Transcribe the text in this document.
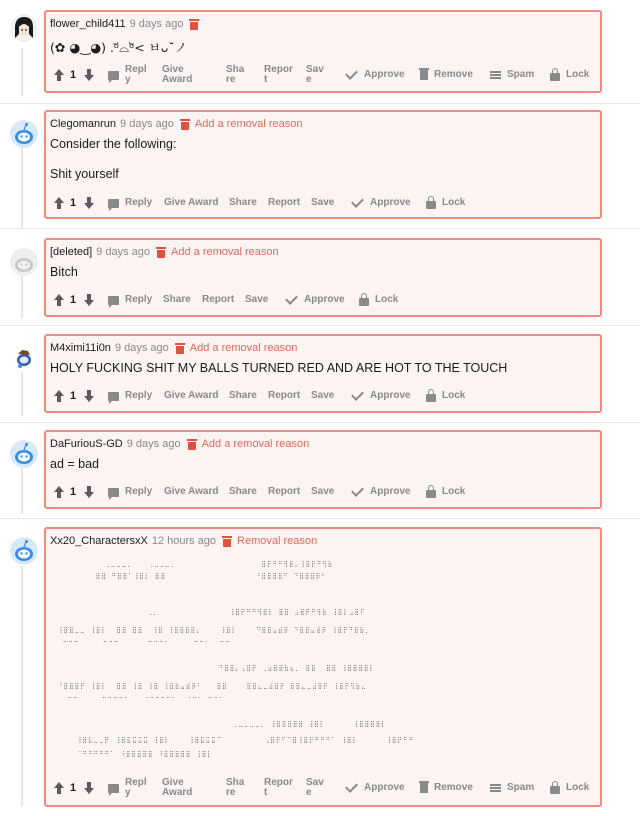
flower_child411 9 days ago
(✿ ◕‿◕) .ᵒ᷄⌓ᵒ᷅< ㅂᴗ˘ノ
1	Reply
Give Award
Share
Report
Save	Approve	Remove	Spam	Lock
Clegomanrun 9 days ago Add a removal reason
Consider the following:
Shit yourself
1	Reply Give Award Share Report Save	Approve	Lock
[deleted] 9 days ago Add a removal reason
Bitch
1	Reply Share Report Save	Approve	Lock
M4ximi11i0n 9 days ago Add a removal reason
HOLY FUCKING SHIT MY BALLS TURNED RED AND ARE HOT TO THE TOUCH
1	Reply Give Award Share Report Save	Approve	Lock
DaFuriouS-GD 9 days ago Add a removal reason
ad = bad
1	Reply Give Award Share Report Save	Approve	Lock
Xx20_CharactersxX 12 hours ago Removal reason
⢀⣀⣀⣀⡀⠀⠀ ⢀⣀⣀⣀⡀                  ⣿⡟⠛⠛⢻⣿⡄⢸⣿⡟⠛⢻⣷
⣿⣿ ⠛⣿⣿⠁⢸⣿⡇ ⣿⣿                   ⠘⣿⣿⣿⣿⠋ ⠙⣿⣿⣿⡿⠃
⢀⡀               ⢸⣿⡟⠛⠛⢻⣿⡇ ⣿⣿ ⣠⣿⡟⠛⢻⣷ ⢸⣿⡇⣠⣿⠏
⢸⣿⣿⣀⣀ ⢸⣿⡇  ⣿⣿ ⣿⣿  ⢸⣿ ⢸⣿⣿⣿⣿⡄    ⢸⣿⡇    ⠙⣿⣿⣤⣾⡿ ⠙⣿⣿⣤⣾⡿ ⢸⣿⡟⠙⣿⣷⡀
⠉⠉⠉     ⠉⠉⠉      ⠉⠉⠉⠁     ⠉⠉⠁  ⠉⠉
⠙⣿⣿⡄⢠⣿⡟ ⢀⣴⣿⣿⣷⣦⡀ ⣿⣿  ⣿⣿ ⢸⣿⣿⣿⣿⡇
⠘⣿⣿⣿⡟ ⢸⣿⡇  ⣿⣿ ⢸⣿ ⢸⣿ ⢸⣿⣷⣤⣾⡿⠃   ⣿⣿    ⣿⣿⣄⣀⣼⣿⡟ ⣿⣿⣄⣀⣼⣿⡟ ⢸⣿⡟⢻⣷⣄
⠉⠉     ⠉⠉⠉⠉⠁   ⠈⠉⠉⠉⠉⠁  ⠈⠉⠁ ⠉⠉⠁
⢀⣀⣀⣀⣀⡀ ⢸⣿⣿⣿⣿⣿ ⢸⣿⡇      ⢸⣿⣿⣿⣿⡇
⢸⣿⣧⣀⣀⡟⠀⢸⣿⣯⣭⣭⣭ ⢸⣿⡇    ⢸⣿⣯⣭⣭⠉         ⢠⣿⡟⠋⠉⣿⢸⣿⡟⠛⠛⠛⠁ ⢸⣿⡇      ⢸⣿⡟⠛⠛
⠈⠛⠛⠛⠛⠛⠁ ⠸⣿⣿⣿⣿⣿ ⠸⣿⣿⣿⣿⣿ ⢸⣿⡇
1	Reply
Give Award
Share
Report
Save	Approve	Remove	Spam	Lock
